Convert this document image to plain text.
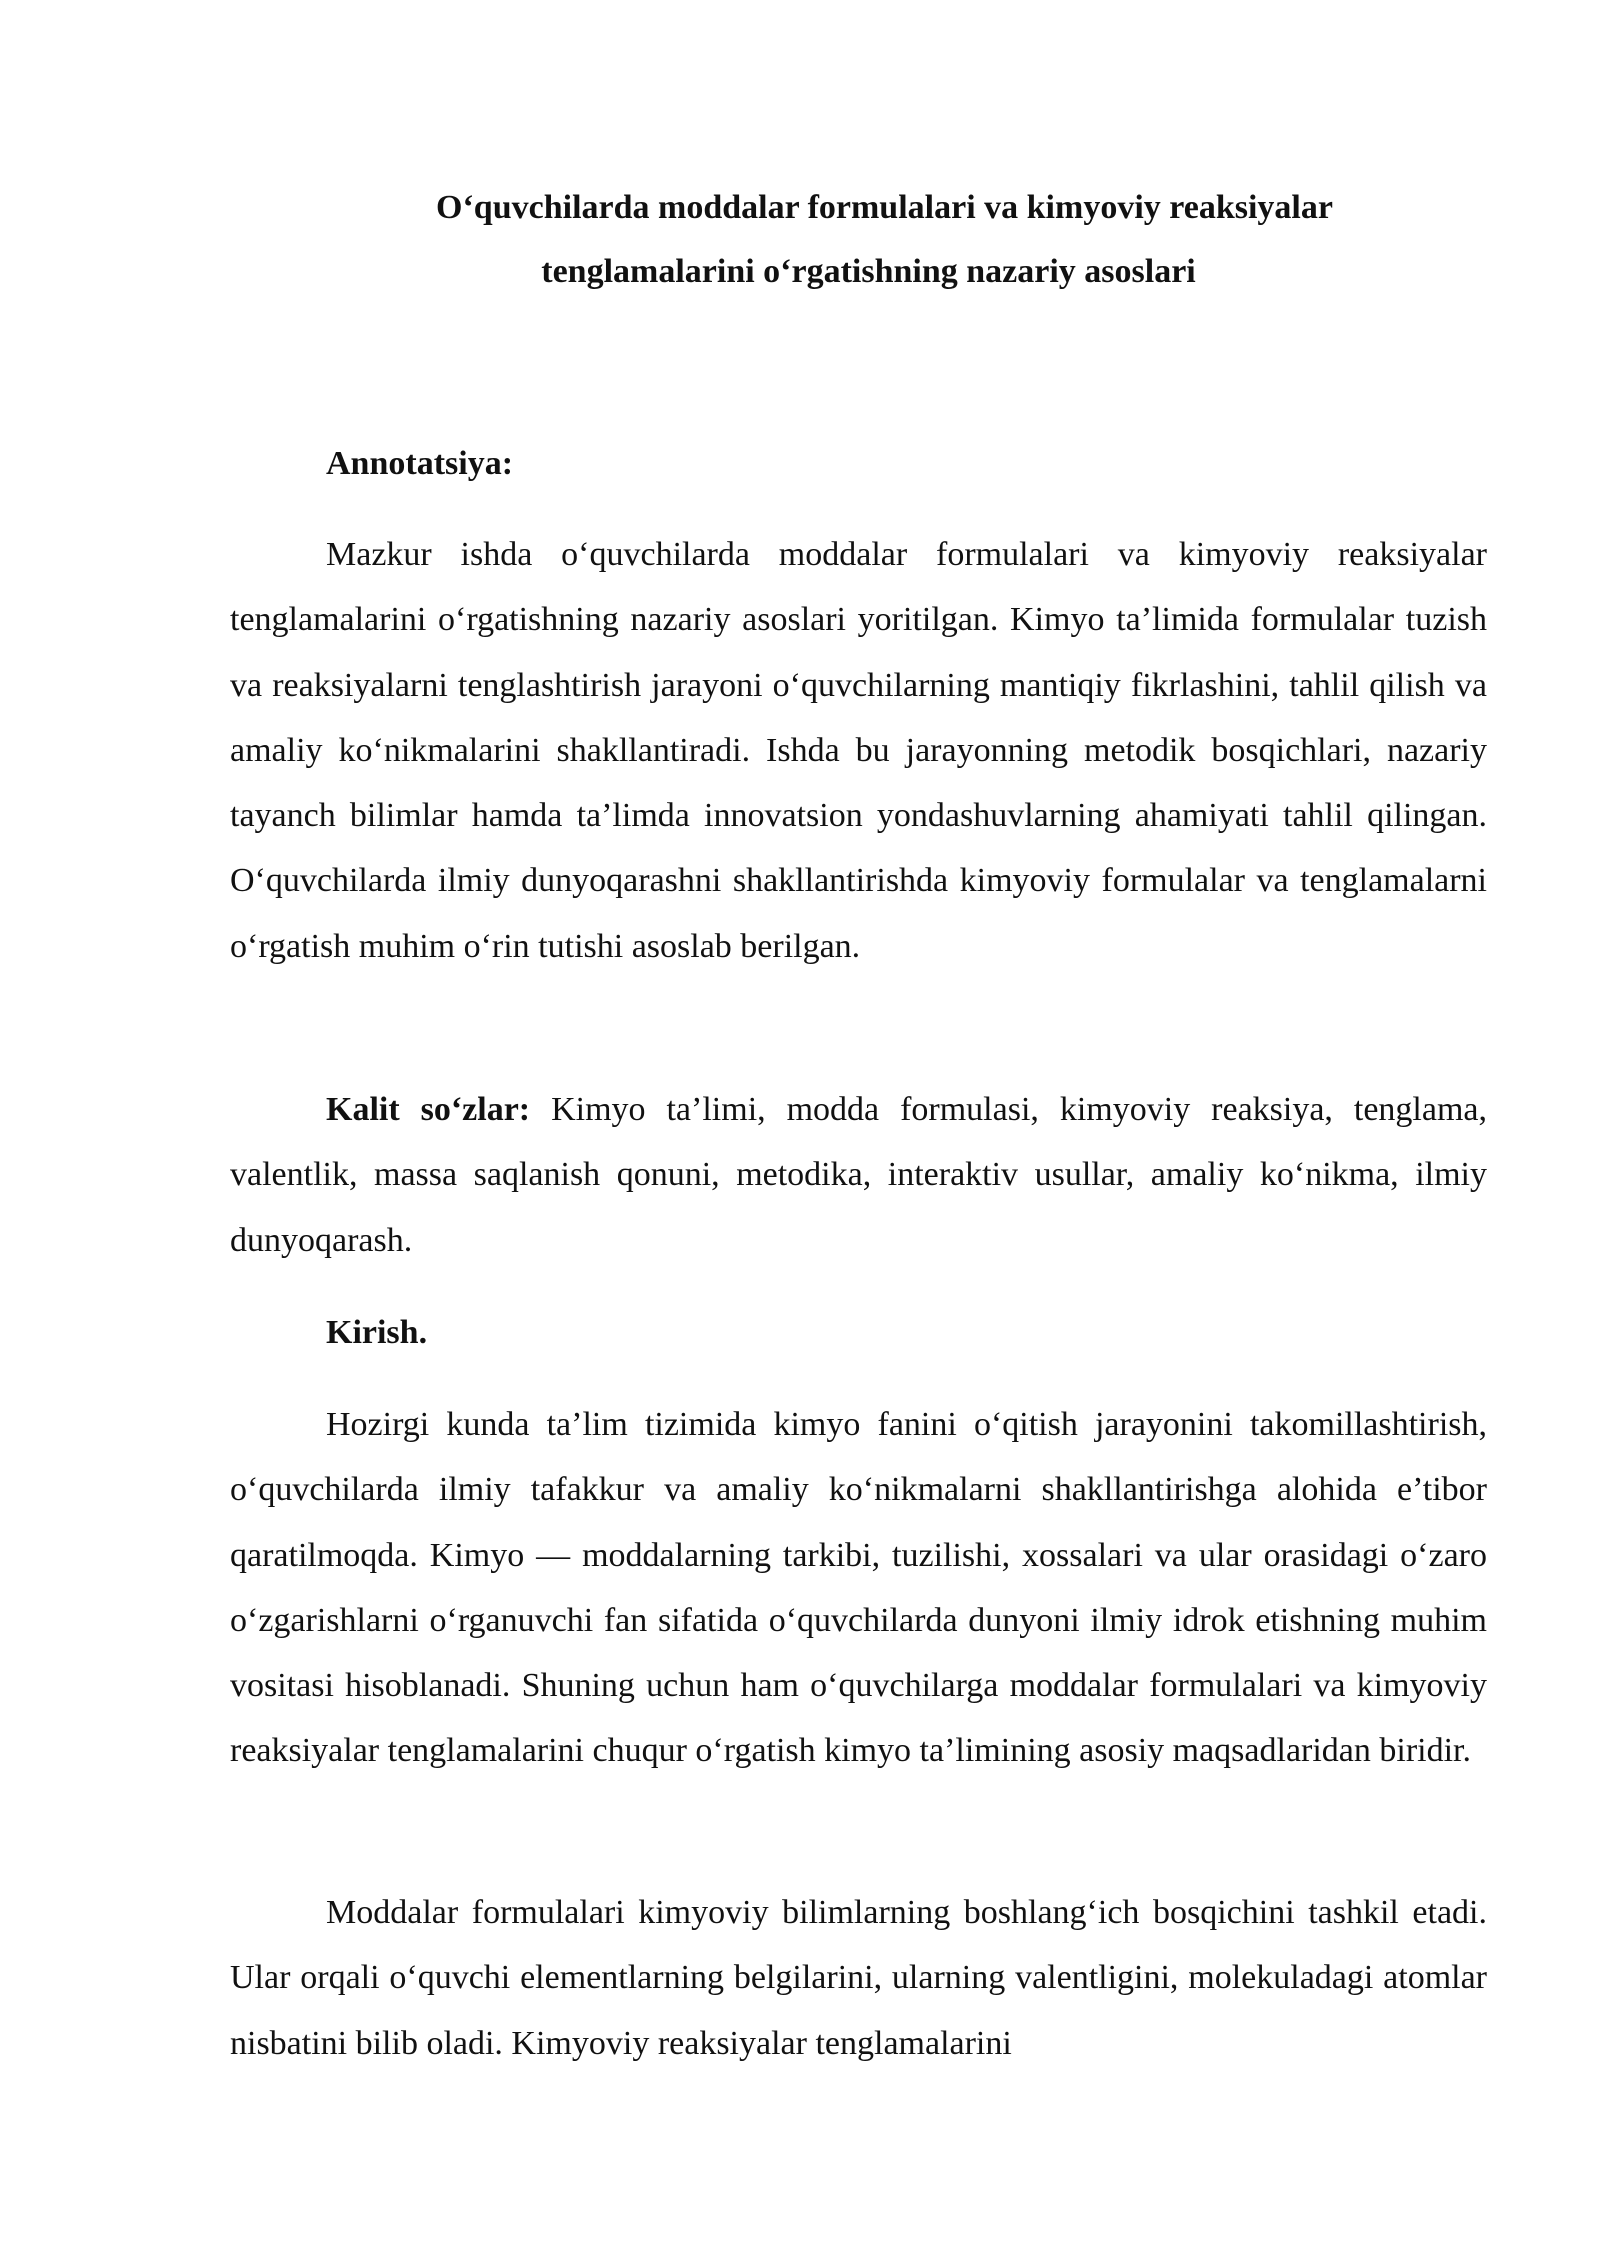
O‘quvchilarda moddalar formulalari va kimyoviy reaksiyalar
tenglamalarini o‘rgatishning nazariy asoslari
Annotatsiya:

Mazkur ishda o‘quvchilarda moddalar formulalari va kimyoviy reaksiyalar tenglamalarini o‘rgatishning nazariy asoslari yoritilgan. Kimyo ta’limida formulalar tuzish va reaksiyalarni tenglashtirish jarayoni o‘quvchilarning mantiqiy fikrlashini, tahlil qilish va amaliy ko‘nikmalarini shakllantiradi. Ishda bu jarayonning metodik bosqichlari, nazariy tayanch bilimlar hamda ta’limda innovatsion yondashuvlarning ahamiyati tahlil qilingan. O‘quvchilarda ilmiy dunyoqarashni shakllantirishda kimyoviy formulalar va tenglamalarni o‘rgatish muhim o‘rin tutishi asoslab berilgan.

Kalit so‘zlar: Kimyo ta’limi, modda formulasi, kimyoviy reaksiya, tenglama, valentlik, massa saqlanish qonuni, metodika, interaktiv usullar, amaliy ko‘nikma, ilmiy dunyoqarash.

Kirish.

Hozirgi kunda ta’lim tizimida kimyo fanini o‘qitish jarayonini takomillashtirish, o‘quvchilarda ilmiy tafakkur va amaliy ko‘nikmalarni shakllantirishga alohida e’tibor qaratilmoqda. Kimyo — moddalarning tarkibi, tuzilishi, xossalari va ular orasidagi o‘zaro o‘zgarishlarni o‘rganuvchi fan sifatida o‘quvchilarda dunyoni ilmiy idrok etishning muhim vositasi hisoblanadi. Shuning uchun ham o‘quvchilarga moddalar formulalari va kimyoviy reaksiyalar tenglamalarini chuqur o‘rgatish kimyo ta’limining asosiy maqsadlaridan biridir.

Moddalar formulalari kimyoviy bilimlarning boshlang‘ich bosqichini tashkil etadi. Ular orqali o‘quvchi elementlarning belgilarini, ularning valentligini, molekuladagi atomlar nisbatini bilib oladi. Kimyoviy reaksiyalar tenglamalarini
